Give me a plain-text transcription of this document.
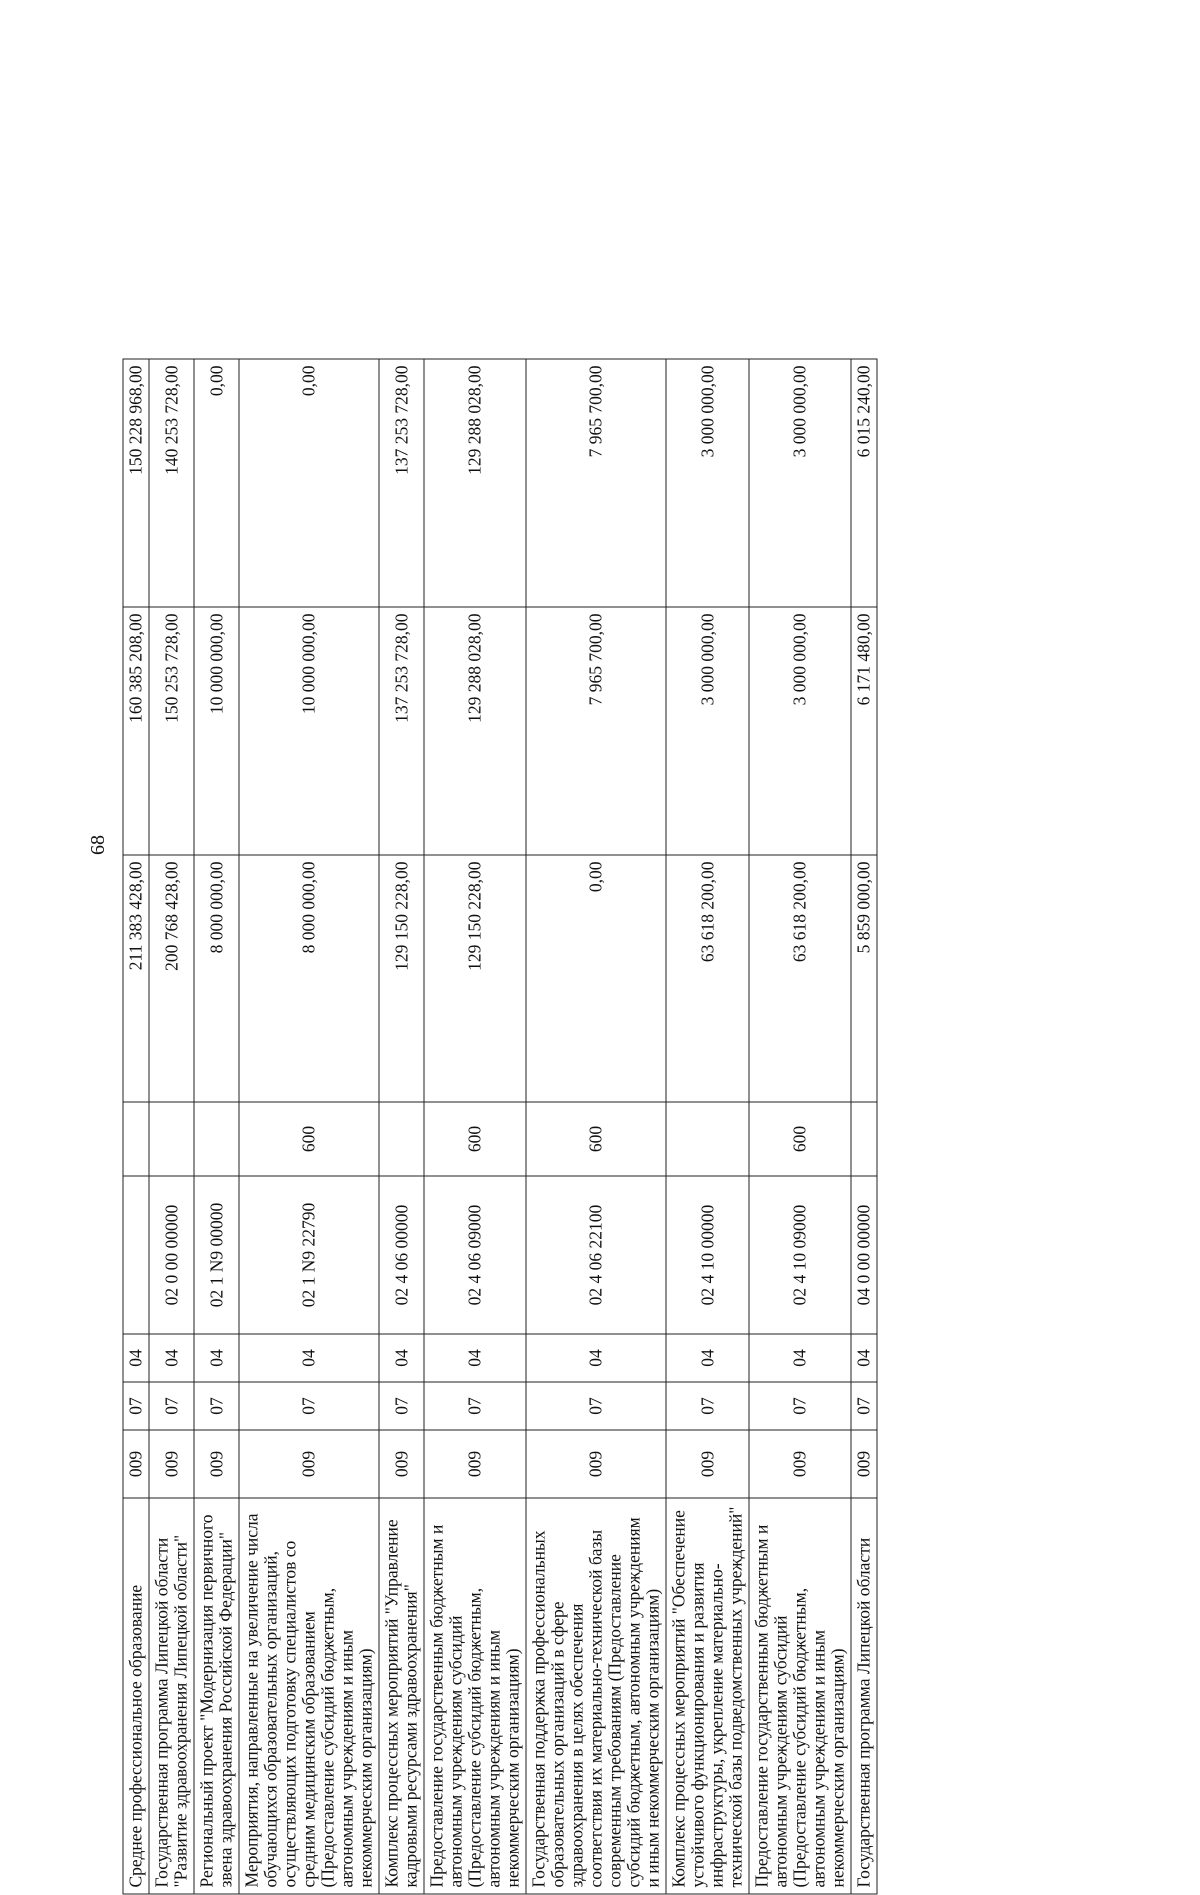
68
Среднее профессиональное образование	009	07	04			211 383 428,00	160 385 208,00	150 228 968,00
Государственная программа Липецкой области "Развитие здравоохранения Липецкой области"	009	07	04	02 0 00 00000		200 768 428,00	150 253 728,00	140 253 728,00
Региональный проект "Модернизация первичного звена здравоохранения Российской Федерации"	009	07	04	02 1 N9 00000		8 000 000,00	10 000 000,00	0,00
Мероприятия, направленные на увеличение числа обучающихся образовательных организаций, осуществляющих подготовку специалистов со средним медицинским образованием (Предоставление субсидий бюджетным, автономным учреждениям и иным некоммерческим организациям)	009	07	04	02 1 N9 22790	600	8 000 000,00	10 000 000,00	0,00
Комплекс процессных мероприятий "Управление кадровыми ресурсами здравоохранения"	009	07	04	02 4 06 00000		129 150 228,00	137 253 728,00	137 253 728,00
Предоставление государственным бюджетным и автономным учреждениям субсидий (Предоставление субсидий бюджетным, автономным учреждениям и иным некоммерческим организациям)	009	07	04	02 4 06 09000	600	129 150 228,00	129 288 028,00	129 288 028,00
Государственная поддержка профессиональных образовательных организаций в сфере здравоохранения в целях обеспечения соответствия их материально-технической базы современным требованиям (Предоставление субсидий бюджетным, автономным учреждениям и иным некоммерческим организациям)	009	07	04	02 4 06 22100	600	0,00	7 965 700,00	7 965 700,00
Комплекс процессных мероприятий "Обеспечение устойчивого функционирования и развития инфраструктуры, укрепление материально-технической базы подведомственных учреждений"	009	07	04	02 4 10 00000		63 618 200,00	3 000 000,00	3 000 000,00
Предоставление государственным бюджетным и автономным учреждениям субсидий (Предоставление субсидий бюджетным, автономным учреждениям и иным некоммерческим организациям)	009	07	04	02 4 10 09000	600	63 618 200,00	3 000 000,00	3 000 000,00
Государственная программа Липецкой области	009	07	04	04 0 00 00000		5 859 000,00	6 171 480,00	6 015 240,00
